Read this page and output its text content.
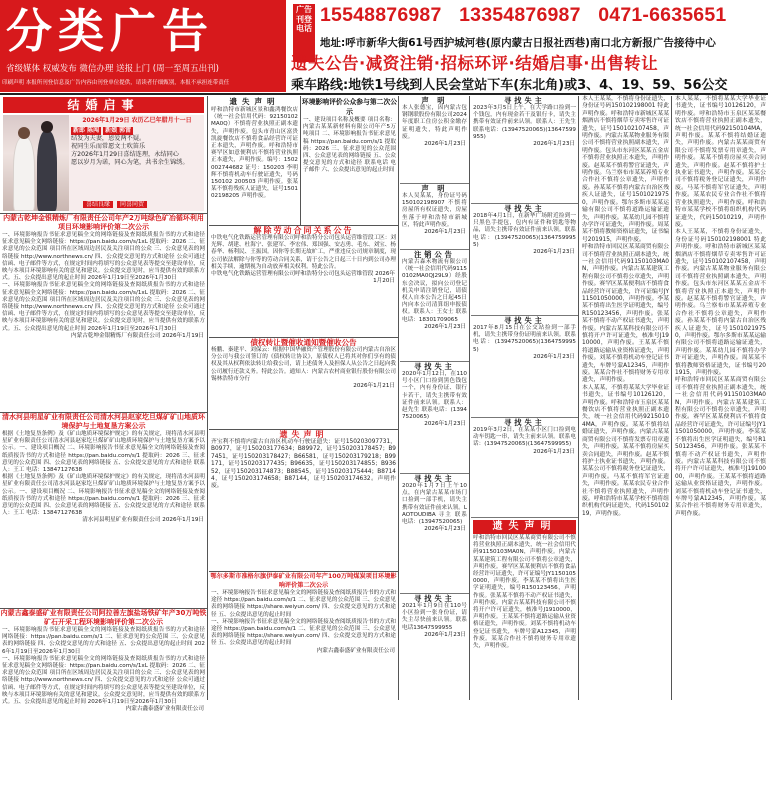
分类广告
省级媒体 权威发布 微信办理 送报上门 (周一至周五出刊)
印刷声明 本报所刊登信息及广告内容由刊登单位提供，请读者仔细甄别，本报不承担连带责任
广告
刊登
电话
15548876987 13354876987 0471-6635651
地址:呼市新华大街61号西护城河巷(原内蒙古日报社西巷)南口北方新报广告接待中心
遗失公告·减资注销·招标环评·结婚启事·出售转让
乘车路线:地铁1号线到人民会堂站下车(东北角)或3、4、19、59、56公交
结婚启事
2026年1月29日 农历乙巳年腊月十一日
新郎 陈闯 新娘 郭雷
结发为夫妻，恩爱两不疑。
祝同生乐而常愿文士吹笛乐
方2026年1月29日喜结连理，永结同心
愿以岁月为诺，同心为笔，共书余生锦绣。
喜结良缘 同喜同贺
内蒙古乾坤金银精炼厂有限责任公司年产2万吨绿色矿冶循环利用项目环境影响评价第二次公示
一、环境影响报告书征求意见稿全文的网络链接及查阅纸质报告书的方式和途径 征求意见稿全文网络链接：https://pan.baidu.com/s/1xL 提取码：2026 二、征求意见的公众范围 项目所在区域周边居民及关注项目的公众 三、公众意见表的网络链接 http://www.northnews.cn/ 四、公众提交意见的方式和途径 公众可通过信函、电子邮件等方式，在规定时间内将填写的公众意见表等提交至建设单位，反映与本项目环境影响有关的意见和建议。公众提交意见时，应当提供有效的联系方式。五、公众提出意见的起止时间 2026年1月19日至2026年1月30日
一、环境影响报告书征求意见稿全文的网络链接及查阅纸质报告书的方式和途径 征求意见稿全文网络链接：https://pan.baidu.com/s/1xL 提取码：2026 二、征求意见的公众范围 项目所在区域周边居民及关注项目的公众 三、公众意见表的网络链接 http://www.northnews.cn/ 四、公众提交意见的方式和途径 公众可通过信函、电子邮件等方式，在规定时间内将填写的公众意见表等提交至建设单位，反映与本项目环境影响有关的意见和建议。公众提交意见时，应当提供有效的联系方式。五、公众提出意见的起止时间 2026年1月19日至2026年1月30日
内蒙古乾坤金银精炼厂有限责任公司 2026年1月19日
清水河县明星矿业有限责任公司清水河县赵家圪旦煤矿矿山地质环境保护与土地复垦方案公示
根据《土地复垦条例》及《矿山地质环境保护规定》的有关规定，现将清水河县明星矿业有限责任公司清水河县赵家圪旦煤矿矿山地质环境保护与土地复垦方案予以公示。一、建设项目概况 二、环境影响报告书征求意见稿全文的网络链接及查阅纸质报告书的方式和途径 https://pan.baidu.com/s/1 提取码：2026 三、征求意见的公众范围 四、公众意见表的网络链接 五、公众提交意见的方式和途径 联系人：王工 电话：13847127638
根据《土地复垦条例》及《矿山地质环境保护规定》的有关规定，现将清水河县明星矿业有限责任公司清水河县赵家圪旦煤矿矿山地质环境保护与土地复垦方案予以公示。一、建设项目概况 二、环境影响报告书征求意见稿全文的网络链接及查阅纸质报告书的方式和途径 https://pan.baidu.com/s/1 提取码：2026 三、征求意见的公众范围 四、公众意见表的网络链接 五、公众提交意见的方式和途径 联系人：王工 电话：13847127638
清水河县明星矿业有限责任公司 2026年1月19日
内蒙古鑫泰盛矿业有限责任公司阿拉善左旗盐场铁矿年产30万吨铁矿石开采工程环境影响评价第二次公示
一、环境影响报告书征求意见稿全文的网络链接及查阅纸质报告书的方式和途径 网络链接：https://pan.baidu.com/s/1 二、征求意见的公众范围 三、公众意见表的网络链接 四、公众提交意见的方式和途径 五、公众提出意见的起止时间 2026年1月19日至2026年1月30日
一、环境影响报告书征求意见稿全文的网络链接及查阅纸质报告书的方式和途径 征求意见稿全文网络链接：https://pan.baidu.com/s/1xL 提取码：2026 二、征求意见的公众范围 项目所在区域周边居民及关注项目的公众 三、公众意见表的网络链接 http://www.northnews.cn/ 四、公众提交意见的方式和途径 公众可通过信函、电子邮件等方式，在规定时间内将填写的公众意见表等提交至建设单位，反映与本项目环境影响有关的意见和建议。公众提交意见时，应当提供有效的联系方式。五、公众提出意见的起止时间 2026年1月19日至2026年1月30日
内蒙古鑫泰盛矿业有限责任公司
遗失声明
呼和浩特市新城区景和鑫鸿餐饮店（统一社会信用代码：92150102MA0Q）不慎将营业执照正副本遗失，声明作废。包头市青山区富贵凯旋餐饮店不慎将食品经营许可证正本遗失，声明作废。呼和浩特市赛罕区如意便利店不慎将营业执照正本遗失，声明作废。编号：1502002744682 证号：150203 李明辉不慎将机动车行驶证遗失，号码150102 200503 声明作废。张某某不慎将残疾人证遗失，证号150102198205 声明作废。
环境影响评价公众参与第二次公示
一、建设项目名称及概要 项目名称：内蒙古某某新材料有限公司年产5万吨项目 二、环境影响报告书征求意见稿 https://pan.baidu.com/s/1 提取码：2026 三、征求意见的公众范围 四、公众意见表的网络链接 五、公众提交意见的方式和途径 联系电话 电子邮件 六、公众提出意见的起止时间
解除劳动合同关系公告
中铁电气化铁路运营管理有限公司呼和浩特分公司包头运营维管段工区：刘光辉、胡建、杜海宁、张建军、李宏伟、郑国强、安志勇、毛东、刘宝、杨春华、杨利民、王振国。因你等长期无故旷工，严重违反公司规章制度，现公司依法解除与你等的劳动合同关系，请于公告之日起三十日内到公司办理相关手续，逾期视为自动放弃相关权利。特此公告。
中铁电气化铁路运营管理有限公司呼和浩特分公司包头运营维管段 2026年1月20日
债权转让暨催收通知暨催收公告
杨鹏、秦建平、刘保云：根据中国华融资产管理股份有限公司内蒙古自治区分公司与我公司签订的《债权转让协议》，原债权人已将其对你们享有的债权及其从权利依法转让给我公司，请上述债务人及担保人从公告之日起向我公司履行还款义务。特此公告。通知人：内蒙古农村商业银行股份有限公司锡林浩特市分行
2026年1月21日
遗失声明
齐宝利不慎将内蒙古自治区机动车行驶证遗失：证号150203097731，B0977，证号150203177634；B89972，证号150203178457；B97451，证号150203178427；B66581，证号150203179218；B99171，证号150203177435；B96635，证号150203174855；B93652，证号150203174873；B88545，证号150203175444；B87144，证号150203174658；B87144，证号150203174632。声明作废。
鄂尔多斯市准格尔旗伊泰矿业有限公司年产100万吨煤炭项目环境影响评价第二次公示
一、环境影响报告书征求意见稿全文的网络链接及查阅纸质报告书的方式和途径 https://pan.baidu.com/s/1 二、征求意见的公众范围 三、公众意见表的网络链接 https://share.weiyun.com/ 四、公众提交意见的方式和途径 五、公众提出意见的起止时间
一、环境影响报告书征求意见稿全文的网络链接及查阅纸质报告书的方式和途径 https://pan.baidu.com/s/1 二、征求意见的公众范围 三、公众意见表的网络链接 https://share.weiyun.com/ 四、公众提交意见的方式和途径 五、公众提出意见的起止时间
内蒙古鑫泰盛矿业有限责任公司
声 明
本人张德宝，因内蒙古包钢钢联股份有限公司2024年度职工住房公积金缴存证明遗失，特此声明作废。
2026年1月23日
声 明
本人吴某某，身份证号码150102198907 不慎将房屋所有权证遗失，房屋坐落于呼和浩特市新城区，特此声明作废。
2026年1月23日
注销公告
内蒙古森禾物流有限公司（统一社会信用代码91150102MA0QJ29L9）经股东会决议，拟向公司登记机关申请注销登记，请债权人自本公告之日起45日内向本公司清算组申报债权。联系人：王女士 联系电话：18301709065
2026年1月23日
寻找失主
2020年1月12日，在110号小区门口捡到黑色钱包一个，内有身份证、银行卡若干，请失主携带有效证件前来认领。联系人：赵先生 联系电话：(13947520065)
2026年1月23日
寻找失主
2020年1月7日上午10点，在内蒙古某某市场门口捡到一部手机，请失主携带有效证件前来认领。LAOTOUDIBA 寻主 联系电话：(13947520065)
2026年1月23日
寻找失主
2021年1月9日在110号小区捡到一张身份证，请失主尽快前来认领。联系电话13647599955
2026年1月23日
寻找失主
2023年3月5日上午，在大学路口捡到一个钱包，内有现金若干及银行卡，请失主携带有效证件前来认领。联系人：王先生 联系电话：(13947520065)(13647599955)
2026年1月23日
寻找失主
2018年4月1日，在新华广场附近捡到一只黑色手提包，包内有证件和钥匙等物品，请失主携带有效证件前来认领。联系电话：(13947520065)(13647599955)
2026年1月23日
寻找失主
2017年8月15日在公交站捡到一部手机，请失主携带身份证明前来认领。联系电话：(13947520065)(13647599955)
2026年1月23日
寻找失主
2019年3月2日，在某某小区门口捡到电动车钥匙一串，请失主前来认领。联系电话：(13947520065)(13647599955)
2026年1月23日
遗失声明
呼和浩特市回民区某某商贸有限公司不慎将营业执照正副本遗失，统一社会信用代码91150103MA0N，声明作废。内蒙古某某建筑工程有限公司不慎将公章遗失，声明作废。赛罕区某某便利店不慎将食品经营许可证遗失，许可证编号JY11501050000，声明作废。李某某不慎将出生医学证明遗失，编号R150123456，声明作废。张某某不慎将不动产权证书遗失，声明作废。内蒙古某某科技有限公司不慎将开户许可证遗失，核准号J1910000，声明作废。王某某不慎将道路运输从业资格证遗失，声明作废。刘某不慎将机动车登记证书遗失，车牌号蒙A12345，声明作废。某某合作社不慎将财务专用章遗失，声明作废。
本人王某某，不慎将身份证遗失，身份证号码150102198001 特此声明作废。呼和浩特市新城区某某烟酒店不慎将烟草专卖零售许可证遗失，证号150102107458，声明作废。内蒙古某某物业服务有限公司不慎将营业执照副本遗失，声明作废。包头市东河区某某五金店不慎将营业执照正本遗失，声明作废。赵某某不慎将警官证遗失，声明作废。乌兰察布市某某养殖专业合作社不慎将公章遗失，声明作废。孙某某不慎将内蒙古自治区残疾人证遗失，证号15010219750，声明作废。鄂尔多斯市某某运输有限公司不慎将道路运输证遗失，声明作废。某某幼儿园不慎将办学许可证遗失，声明作废。周某某不慎将教师资格证遗失，证书编号201915，声明作废。
呼和浩特市回民区某某商贸有限公司不慎将营业执照正副本遗失，统一社会信用代码91150103MA0N，声明作废。内蒙古某某建筑工程有限公司不慎将公章遗失，声明作废。赛罕区某某便利店不慎将食品经营许可证遗失，许可证编号JY11501050000，声明作废。李某某不慎将出生医学证明遗失，编号R150123456，声明作废。张某某不慎将不动产权证书遗失，声明作废。内蒙古某某科技有限公司不慎将开户许可证遗失，核准号J1910000，声明作废。王某某不慎将道路运输从业资格证遗失，声明作废。刘某不慎将机动车登记证书遗失，车牌号蒙A12345，声明作废。某某合作社不慎将财务专用章遗失，声明作废。
本人某某，不慎将某某大学毕业证书遗失，证书编号10126120，声明作废。呼和浩特市玉泉区某某餐饮店不慎将营业执照正副本遗失，统一社会信用代码92150104MA，声明作废。某某不慎将结婚证遗失，声明作废。内蒙古某某商贸有限公司不慎将发票专用章遗失，声明作废。某某不慎将房屋买卖合同遗失，声明作废。赵某不慎将护士执业证书遗失，声明作废。某某公司不慎将税务登记证遗失，声明作废。马某不慎将军官证遗失，声明作废。某某农民专业合作社不慎将营业执照遗失，声明作废。呼和浩特市某某学校不慎将组织机构代码证遗失，代码15010219，声明作废。
本人某某，不慎将某某大学毕业证书遗失，证书编号10126120，声明作废。呼和浩特市玉泉区某某餐饮店不慎将营业执照正副本遗失，统一社会信用代码92150104MA，声明作废。某某不慎将结婚证遗失，声明作废。内蒙古某某商贸有限公司不慎将发票专用章遗失，声明作废。某某不慎将房屋买卖合同遗失，声明作废。赵某不慎将护士执业证书遗失，声明作废。某某公司不慎将税务登记证遗失，声明作废。马某不慎将军官证遗失，声明作废。某某农民专业合作社不慎将营业执照遗失，声明作废。呼和浩特市某某学校不慎将组织机构代码证遗失，代码15010219，声明作废。
本人王某某，不慎将身份证遗失，身份证号码150102198001 特此声明作废。呼和浩特市新城区某某烟酒店不慎将烟草专卖零售许可证遗失，证号150102107458，声明作废。内蒙古某某物业服务有限公司不慎将营业执照副本遗失，声明作废。包头市东河区某某五金店不慎将营业执照正本遗失，声明作废。赵某某不慎将警官证遗失，声明作废。乌兰察布市某某养殖专业合作社不慎将公章遗失，声明作废。孙某某不慎将内蒙古自治区残疾人证遗失，证号15010219750，声明作废。鄂尔多斯市某某运输有限公司不慎将道路运输证遗失，声明作废。某某幼儿园不慎将办学许可证遗失，声明作废。周某某不慎将教师资格证遗失，证书编号201915，声明作废。
呼和浩特市回民区某某商贸有限公司不慎将营业执照正副本遗失，统一社会信用代码91150103MA0N，声明作废。内蒙古某某建筑工程有限公司不慎将公章遗失，声明作废。赛罕区某某便利店不慎将食品经营许可证遗失，许可证编号JY11501050000，声明作废。李某某不慎将出生医学证明遗失，编号R150123456，声明作废。张某某不慎将不动产权证书遗失，声明作废。内蒙古某某科技有限公司不慎将开户许可证遗失，核准号J1910000，声明作废。王某某不慎将道路运输从业资格证遗失，声明作废。刘某不慎将机动车登记证书遗失，车牌号蒙A12345，声明作废。某某合作社不慎将财务专用章遗失，声明作废。
